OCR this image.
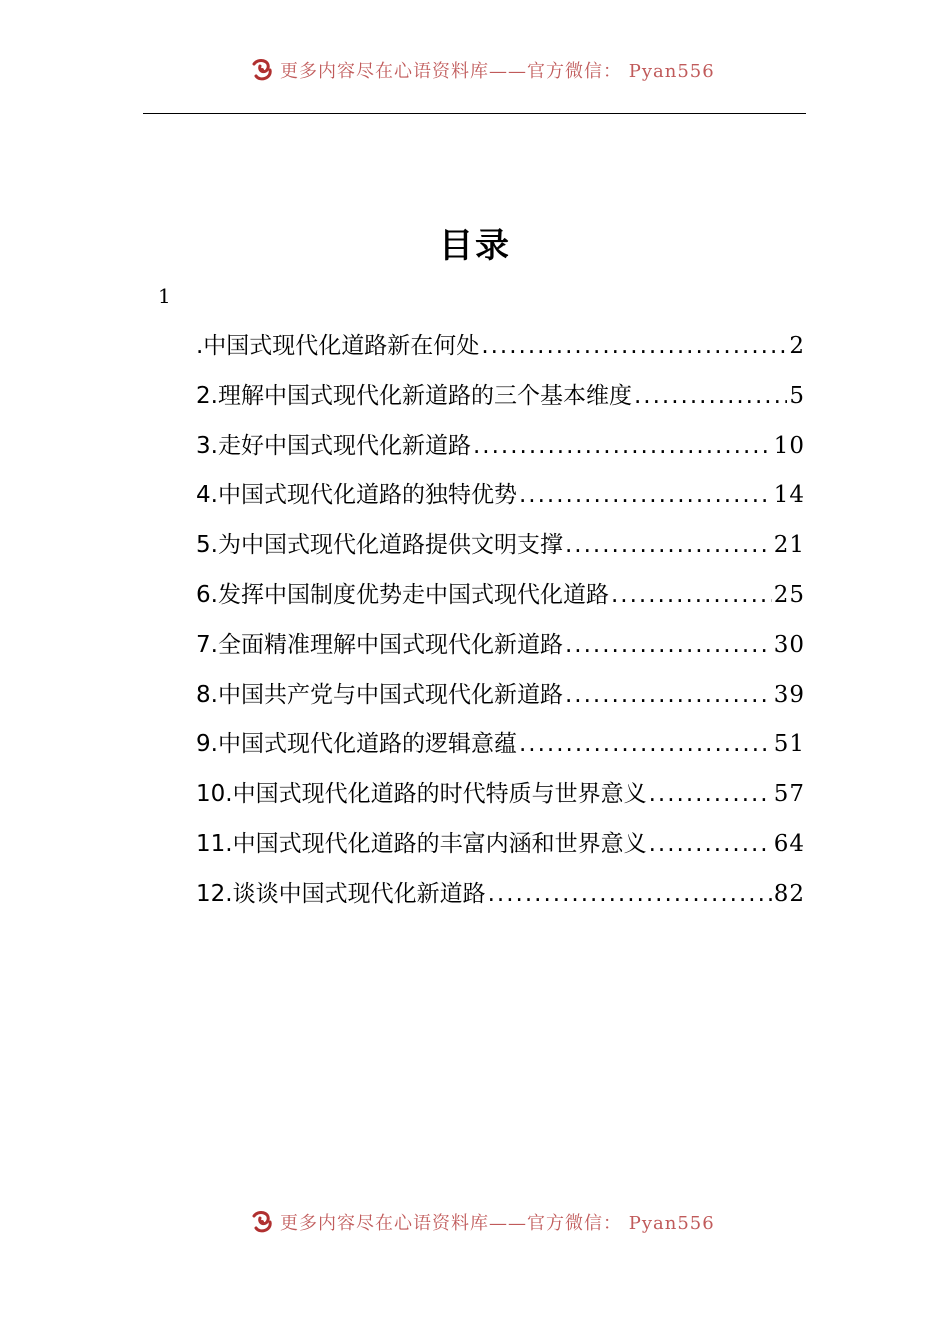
更多内容尽在心语资料库——官方微信： Pyan556
目录
1
.中国式现代化道路新在何处 .....	2
2.理解中国式现代化新道路的三个基本维度 .....	5
3.走好中国式现代化新道路 .....	10
4.中国式现代化道路的独特优势 .....	14
5.为中国式现代化道路提供文明支撑 .....	21
6.发挥中国制度优势走中国式现代化道路 .....	25
7.全面精准理解中国式现代化新道路 .....	30
8.中国共产党与中国式现代化新道路 .....	39
9.中国式现代化道路的逻辑意蕴 .....	51
10.中国式现代化道路的时代特质与世界意义 .....	57
11.中国式现代化道路的丰富内涵和世界意义 .....	64
12.谈谈中国式现代化新道路 .....	82
更多内容尽在心语资料库——官方微信： Pyan556
